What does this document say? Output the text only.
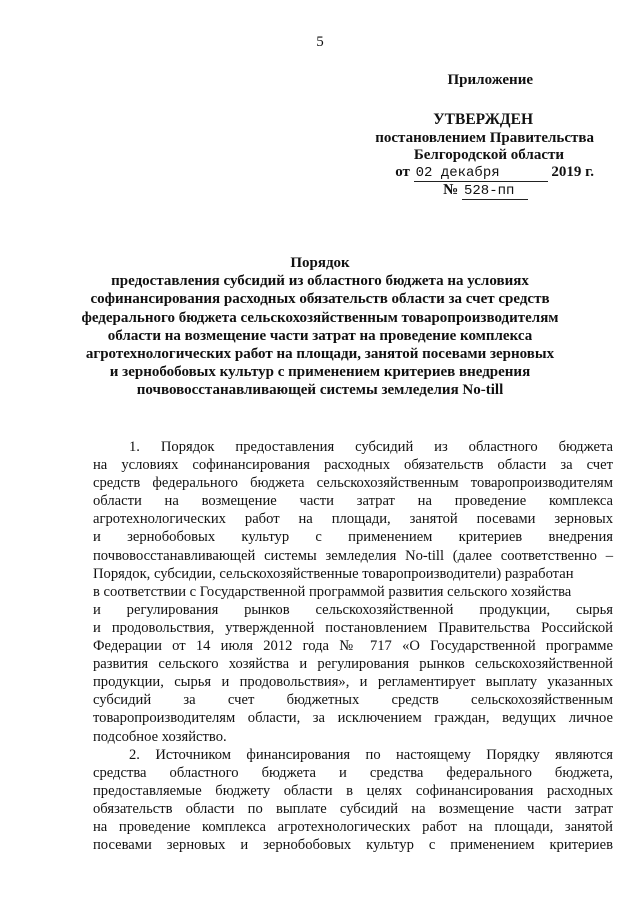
5
Приложение
УТВЕРЖДЕН
постановлением Правительства
Белгородской области
от 02 декабря	2019 г.
№ 528-пп
Порядок
предоставления субсидий из областного бюджета на условиях
софинансирования расходных обязательств области за счет средств
федерального бюджета сельскохозяйственным товаропроизводителям
области на возмещение части затрат на проведение комплекса
агротехнологических работ на площади, занятой посевами зерновых
и зернобобовых культур с применением критериев внедрения
почвовосстанавливающей системы земледелия No-till
1. Порядок предоставления субсидий из областного бюджета
на условиях софинансирования расходных обязательств области за счет
средств федерального бюджета сельскохозяйственным товаропроизводителям
области на возмещение части затрат на проведение комплекса
агротехнологических работ на площади, занятой посевами зерновых
и зернобобовых культур с применением критериев внедрения
почвовосстанавливающей системы земледелия No-till (далее соответственно –
Порядок, субсидии, сельскохозяйственные товаропроизводители) разработан
в соответствии с Государственной программой развития сельского хозяйства
и регулирования рынков сельскохозяйственной продукции, сырья
и продовольствия, утвержденной постановлением Правительства Российской
Федерации от 14 июля 2012 года № 717 «О Государственной программе
развития сельского хозяйства и регулирования рынков сельскохозяйственной
продукции, сырья и продовольствия», и регламентирует выплату указанных
субсидий за счет бюджетных средств сельскохозяйственным
товаропроизводителям области, за исключением граждан, ведущих личное
подсобное хозяйство.
2. Источником финансирования по настоящему Порядку являются
средства областного бюджета и средства федерального бюджета,
предоставляемые бюджету области в целях софинансирования расходных
обязательств области по выплате субсидий на возмещение части затрат
на проведение комплекса агротехнологических работ на площади, занятой
посевами зерновых и зернобобовых культур с применением критериев
